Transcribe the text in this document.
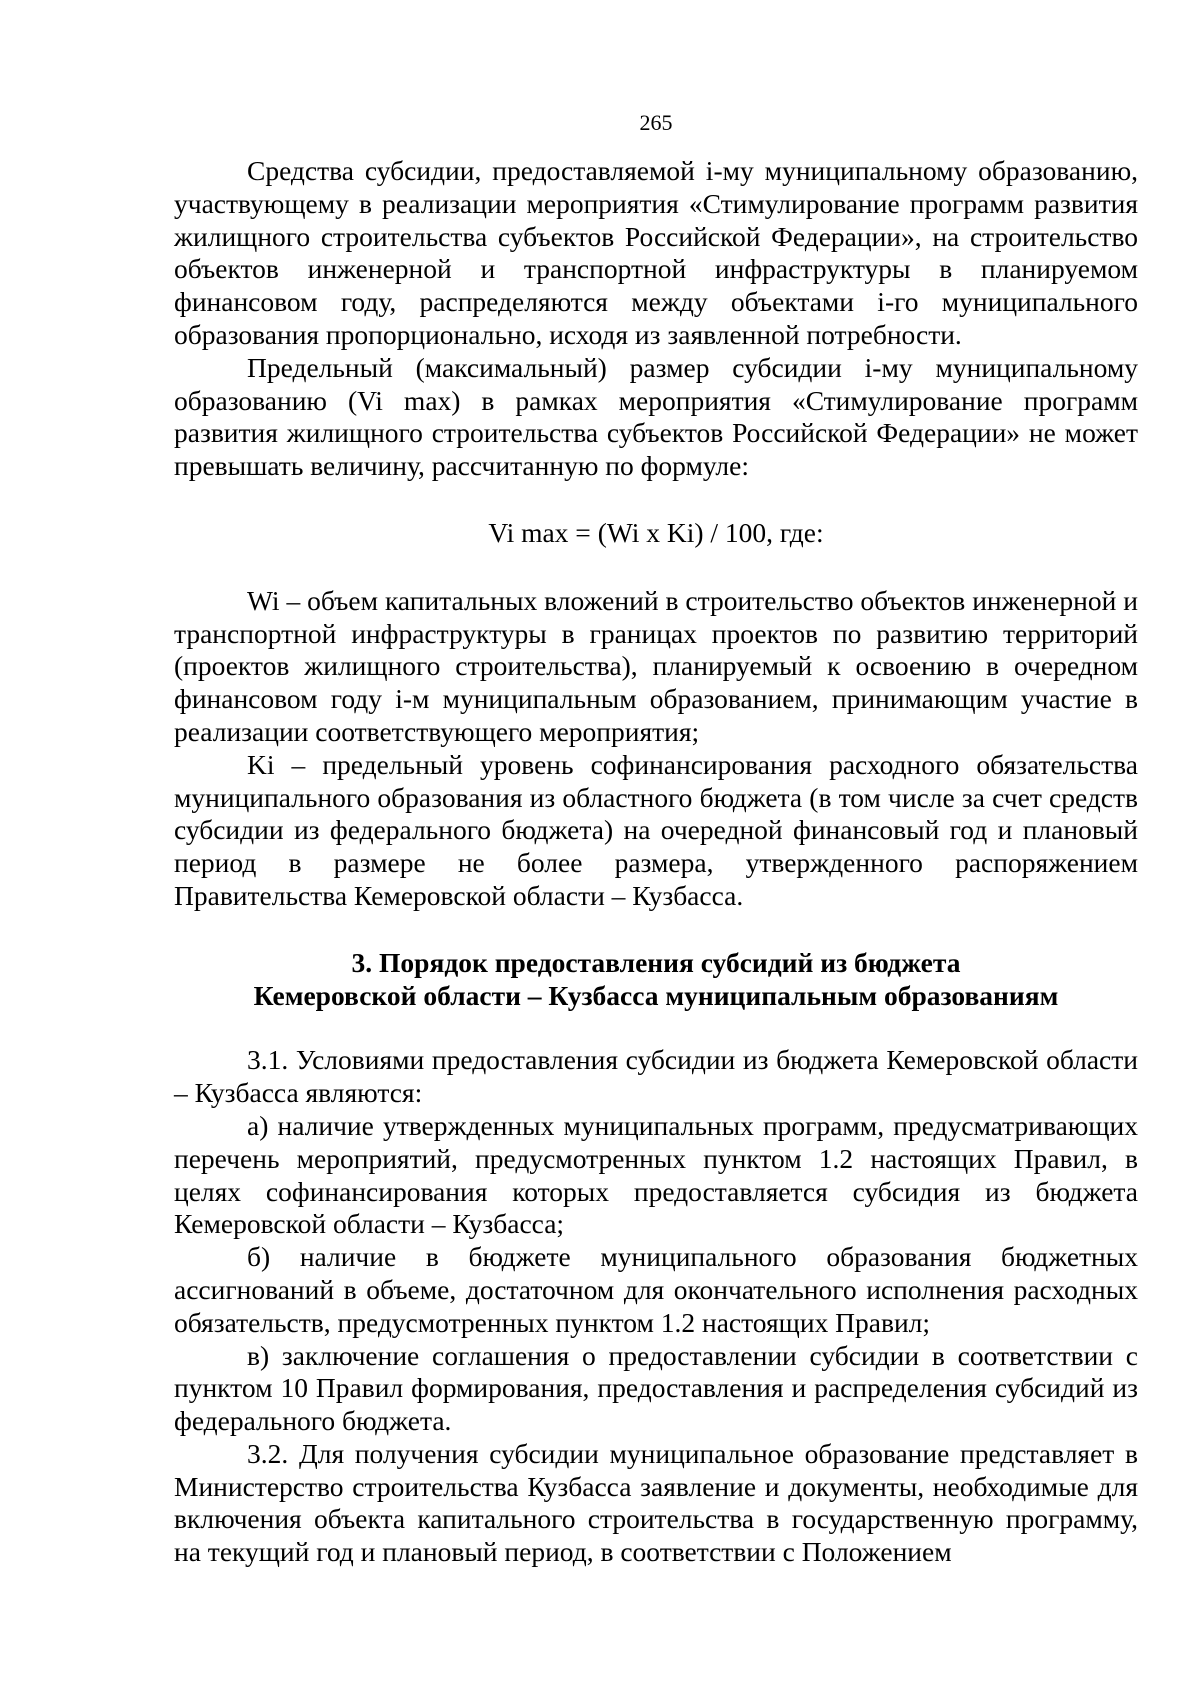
265

Средства субсидии, предоставляемой i-му муниципальному образованию, участвующему в реализации мероприятия «Стимулирование программ развития жилищного строительства субъектов Российской Федерации», на строительство объектов инженерной и транспортной инфраструктуры в планируемом финансовом году, распределяются между объектами i-го муниципального образования пропорционально, исходя из заявленной потребности.

Предельный (максимальный) размер субсидии i-му муниципальному образованию (Vi max) в рамках мероприятия «Стимулирование программ развития жилищного строительства субъектов Российской Федерации» не может превышать величину, рассчитанную по формуле:

Vi max = (Wi x Ki) / 100, где:

Wi – объем капитальных вложений в строительство объектов инженерной и транспортной инфраструктуры в границах проектов по развитию территорий (проектов жилищного строительства), планируемый к освоению в очередном финансовом году i-м муниципальным образованием, принимающим участие в реализации соответствующего мероприятия;

Ki – предельный уровень софинансирования расходного обязательства муниципального образования из областного бюджета (в том числе за счет средств субсидии из федерального бюджета) на очередной финансовый год и плановый период в размере не более размера, утвержденного распоряжением Правительства Кемеровской области – Кузбасса.

3. Порядок предоставления субсидий из бюджета
Кемеровской области – Кузбасса муниципальным образованиям

3.1. Условиями предоставления субсидии из бюджета Кемеровской области – Кузбасса являются:

а) наличие утвержденных муниципальных программ, предусматривающих перечень мероприятий, предусмотренных пунктом 1.2 настоящих Правил, в целях софинансирования которых предоставляется субсидия из бюджета Кемеровской области – Кузбасса;

б) наличие в бюджете муниципального образования бюджетных ассигнований в объеме, достаточном для окончательного исполнения расходных обязательств, предусмотренных пунктом 1.2 настоящих Правил;

в) заключение соглашения о предоставлении субсидии в соответствии с пунктом 10 Правил формирования, предоставления и распределения субсидий из федерального бюджета.

3.2. Для получения субсидии муниципальное образование представляет в Министерство строительства Кузбасса заявление и документы, необходимые для включения объекта капитального строительства в государственную программу, на текущий год и плановый период, в соответствии с Положением
